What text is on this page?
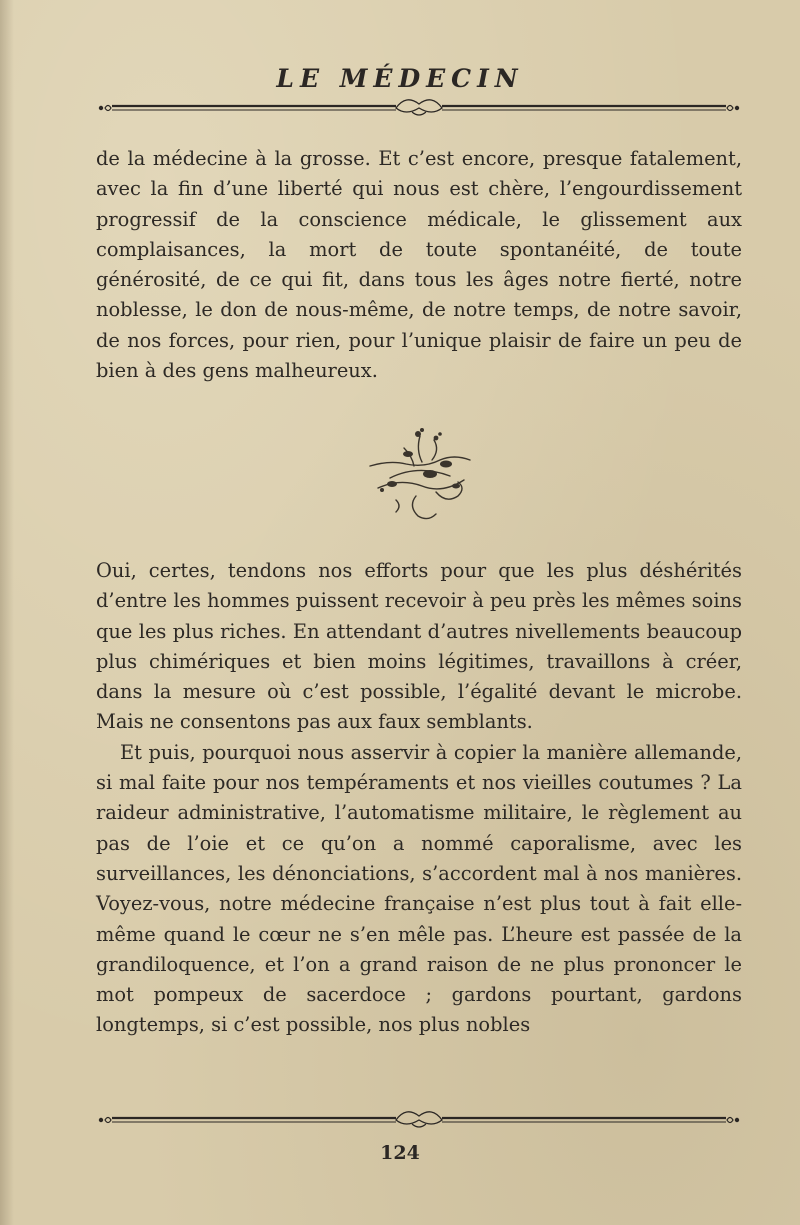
LE MÉDECIN

de la médecine à la grosse. Et c’est encore, presque fatalement, avec la fin d’une liberté qui nous est chère, l’engourdissement progressif de la conscience médicale, le glissement aux complaisances, la mort de toute spontanéité, de toute générosité, de ce qui fit, dans tous les âges notre fierté, notre noblesse, le don de nous-même, de notre temps, de notre savoir, de nos forces, pour rien, pour l’unique plaisir de faire un peu de bien à des gens malheureux.

Oui, certes, tendons nos efforts pour que les plus déshérités d’entre les hommes puissent recevoir à peu près les mêmes soins que les plus riches. En attendant d’autres nivellements beaucoup plus chimériques et bien moins légitimes, travaillons à créer, dans la mesure où c’est possible, l’égalité devant le microbe. Mais ne consentons pas aux faux semblants.

Et puis, pourquoi nous asservir à copier la manière allemande, si mal faite pour nos tempéraments et nos vieilles coutumes ? La raideur administrative, l’automatisme militaire, le règlement au pas de l’oie et ce qu’on a nommé caporalisme, avec les surveillances, les dénonciations, s’accordent mal à nos manières. Voyez-vous, notre médecine française n’est plus tout à fait elle-même quand le cœur ne s’en mêle pas. L’heure est passée de la grandiloquence, et l’on a grand raison de ne plus prononcer le mot pompeux de sacerdoce ; gardons pourtant, gardons longtemps, si c’est possible, nos plus nobles

124
